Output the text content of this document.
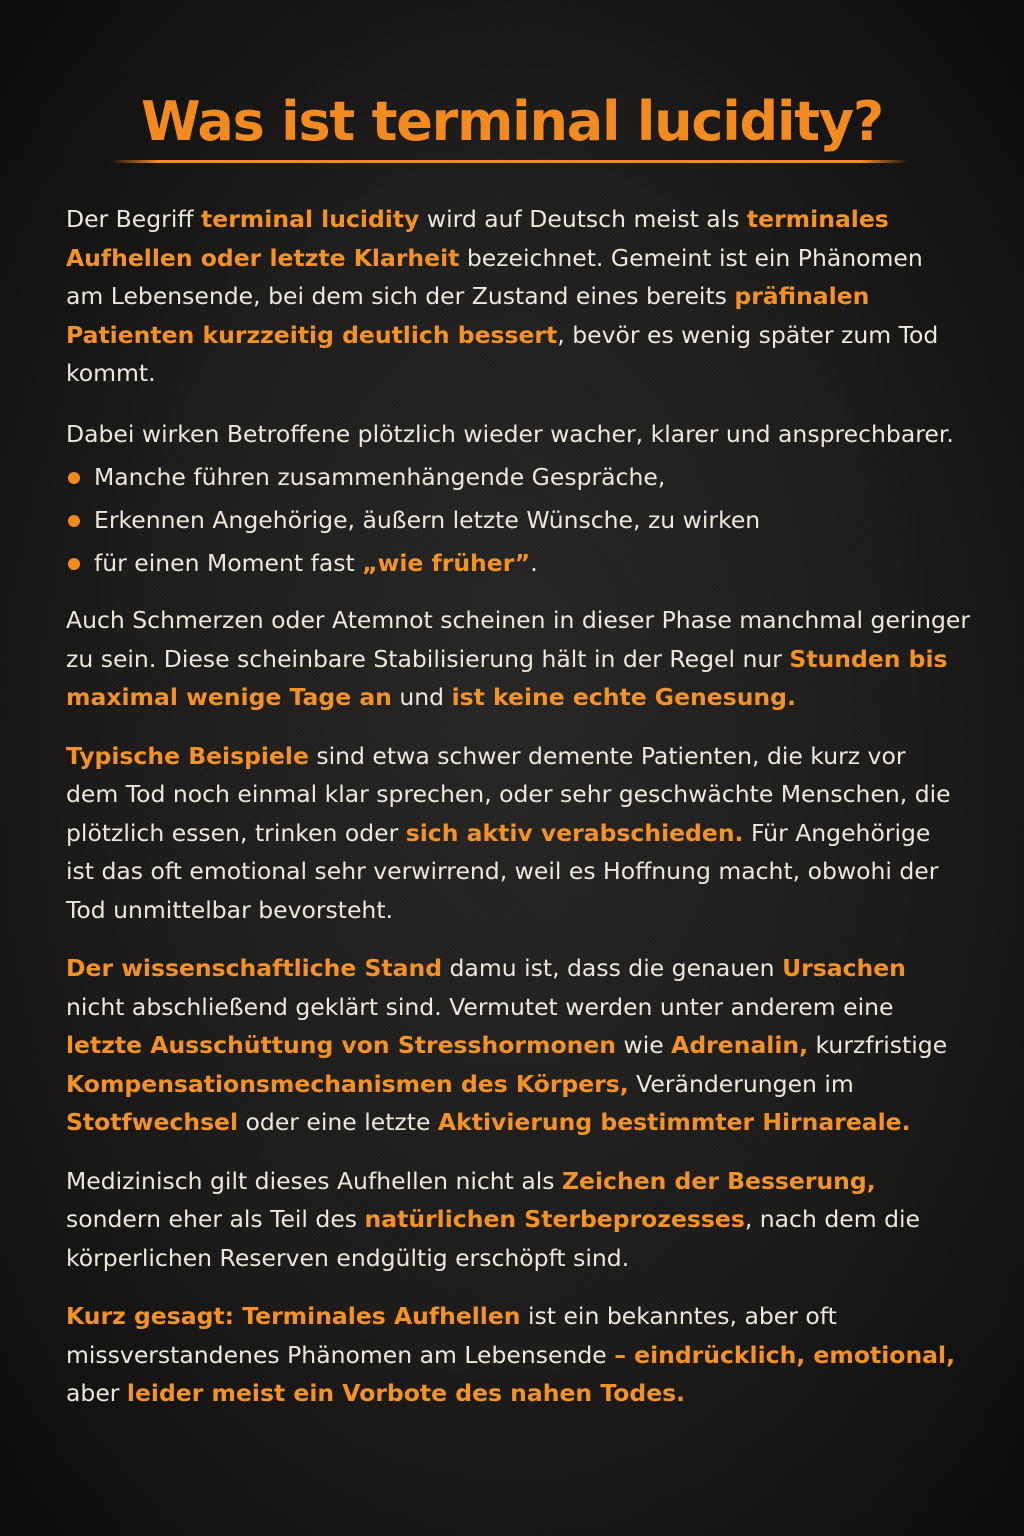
Was ist terminal lucidity?

Der Begriff terminal lucidity wird auf Deutsch meist als terminales Aufhellen oder letzte Klarheit bezeichnet. Gemeint ist ein Phänomen am Lebensende, bei dem sich der Zustand eines bereits präfinalen Patienten kurzzeitig deutlich bessert, bevör es wenig später zum Tod kommt.

Dabei wirken Betroffene plötzlich wieder wacher, klarer und ansprechbarer.

Manche führen zusammenhängende Gespräche,
Erkennen Angehörige, äußern letzte Wünsche, zu wirken
für einen Moment fast „wie früher”.

Auch Schmerzen oder Atemnot scheinen in dieser Phase manchmal geringer zu sein. Diese scheinbare Stabilisierung hält in der Regel nur Stunden bis maximal wenige Tage an und ist keine echte Genesung.

Typische Beispiele sind etwa schwer demente Patienten, die kurz vor dem Tod noch einmal klar sprechen, oder sehr geschwächte Menschen, die plötzlich essen, trinken oder sich aktiv verabschieden. Für Angehörige ist das oft emotional sehr verwirrend, weil es Hoffnung macht, obwohi der Tod unmittelbar bevorsteht.

Der wissenschaftliche Stand damu ist, dass die genauen Ursachen nicht abschließend geklärt sind. Vermutet werden unter anderem eine letzte Ausschüttung von Stresshormonen wie Adrenalin, kurzfristige Kompensationsmechanismen des Körpers, Veränderungen im Stotfwechsel oder eine letzte Aktivierung bestimmter Hirnareale.

Medizinisch gilt dieses Aufhellen nicht als Zeichen der Besserung, sondern eher als Teil des natürlichen Sterbeprozesses, nach dem die körperlichen Reserven endgültig erschöpft sind.

Kurz gesagt: Terminales Aufhellen ist ein bekanntes, aber oft missverstandenes Phänomen am Lebensende – eindrücklich, emotional, aber leider meist ein Vorbote des nahen Todes.
